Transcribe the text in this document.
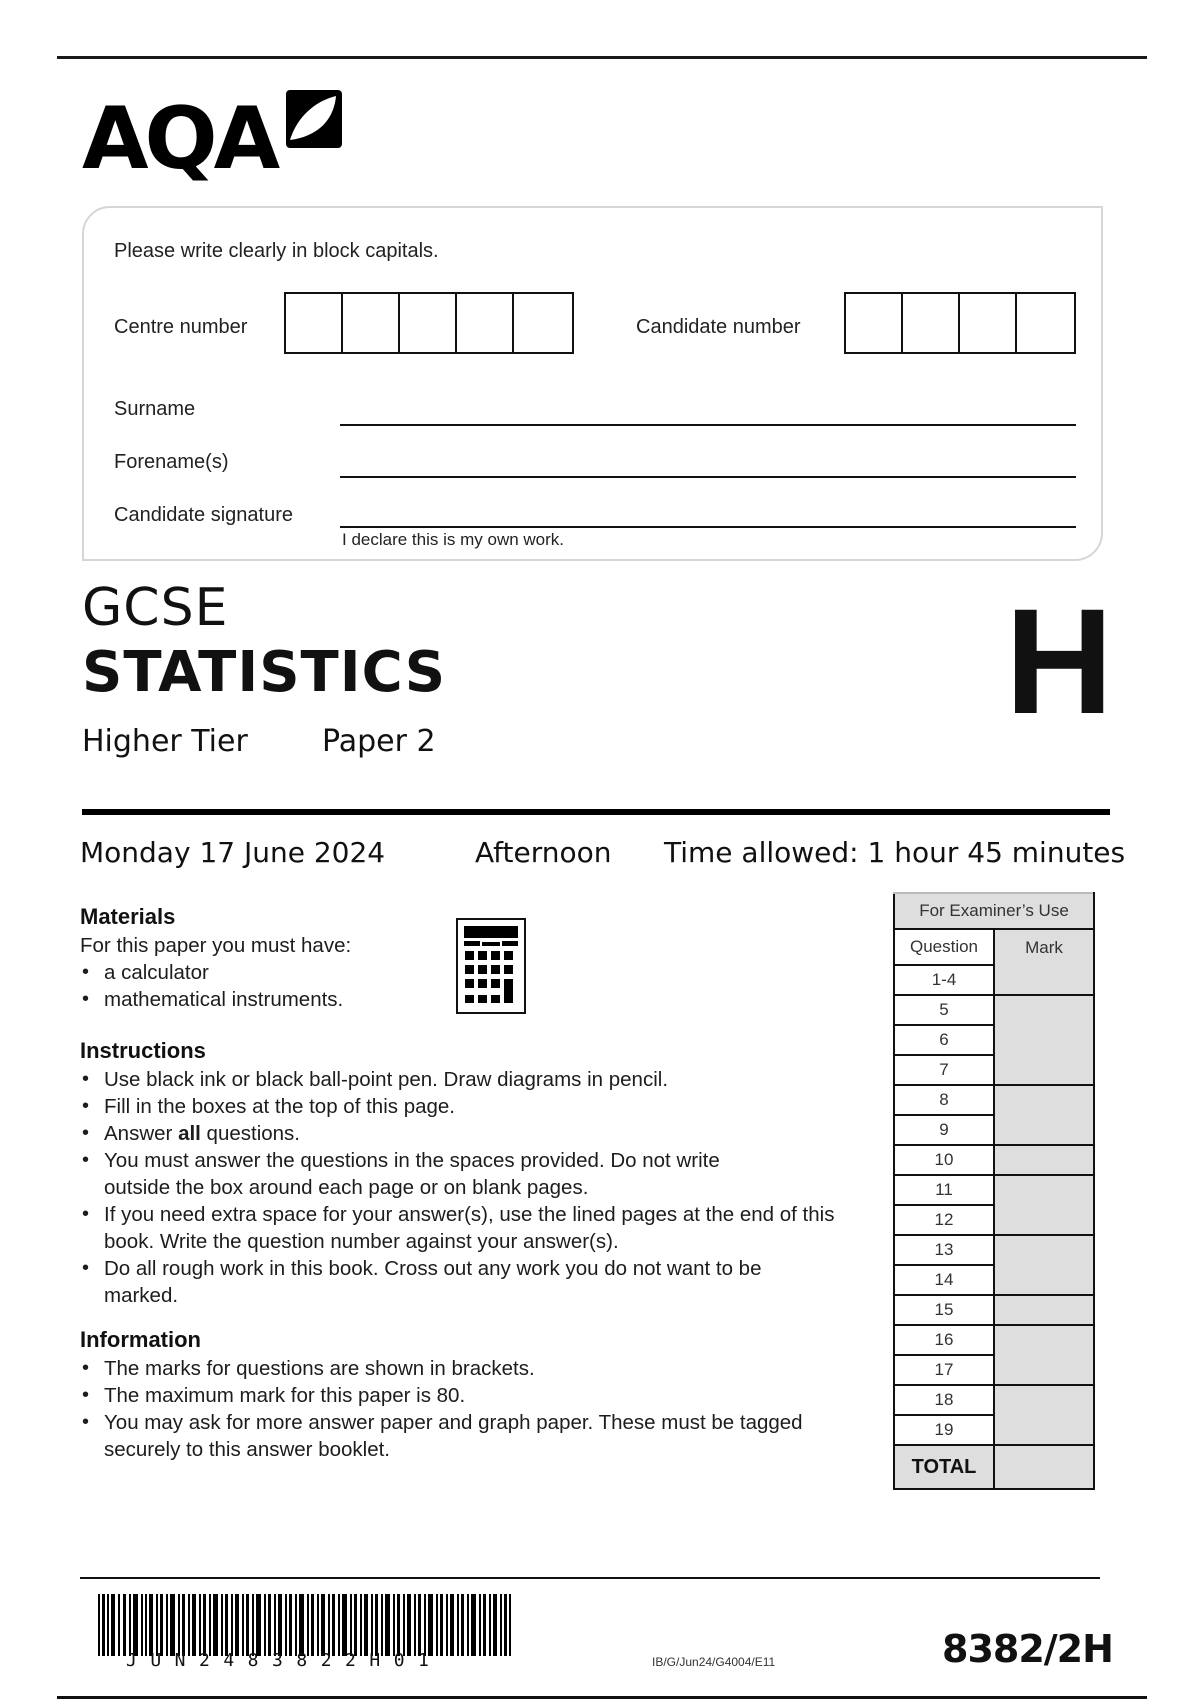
AQA
Please write clearly in block capitals.
Centre number	Candidate number
Surname
Forename(s)
Candidate signature
I declare this is my own work.
GCSE
STATISTICS
Higher Tier Paper 2	H
Monday 17 June 2024	Afternoon Time allowed: 1 hour 45 minutes
Materials
For this paper you must have:
• a calculator
• mathematical instruments.
Instructions
• Use black ink or black ball-point pen. Draw diagrams in pencil.
• Fill in the boxes at the top of this page.
• Answer all questions.
• You must answer the questions in the spaces provided. Do not write outside the box around each page or on blank pages.
• If you need extra space for your answer(s), use the lined pages at the end of this book. Write the question number against your answer(s).
• Do all rough work in this book. Cross out any work you do not want to be marked.
Information
• The marks for questions are shown in brackets.
• The maximum mark for this paper is 80.
• You may ask for more answer paper and graph paper. These must be tagged securely to this answer booklet.
For Examiner’s Use	
Question	Mark
1-4	
5	
6	
7	
8	
9	
10	
11	
12	
13	
14	
15	
16	
17	
18	
19	
TOTAL	
JUN2483822H01	IB/G/Jun24/G4004/E11	8382/2H
